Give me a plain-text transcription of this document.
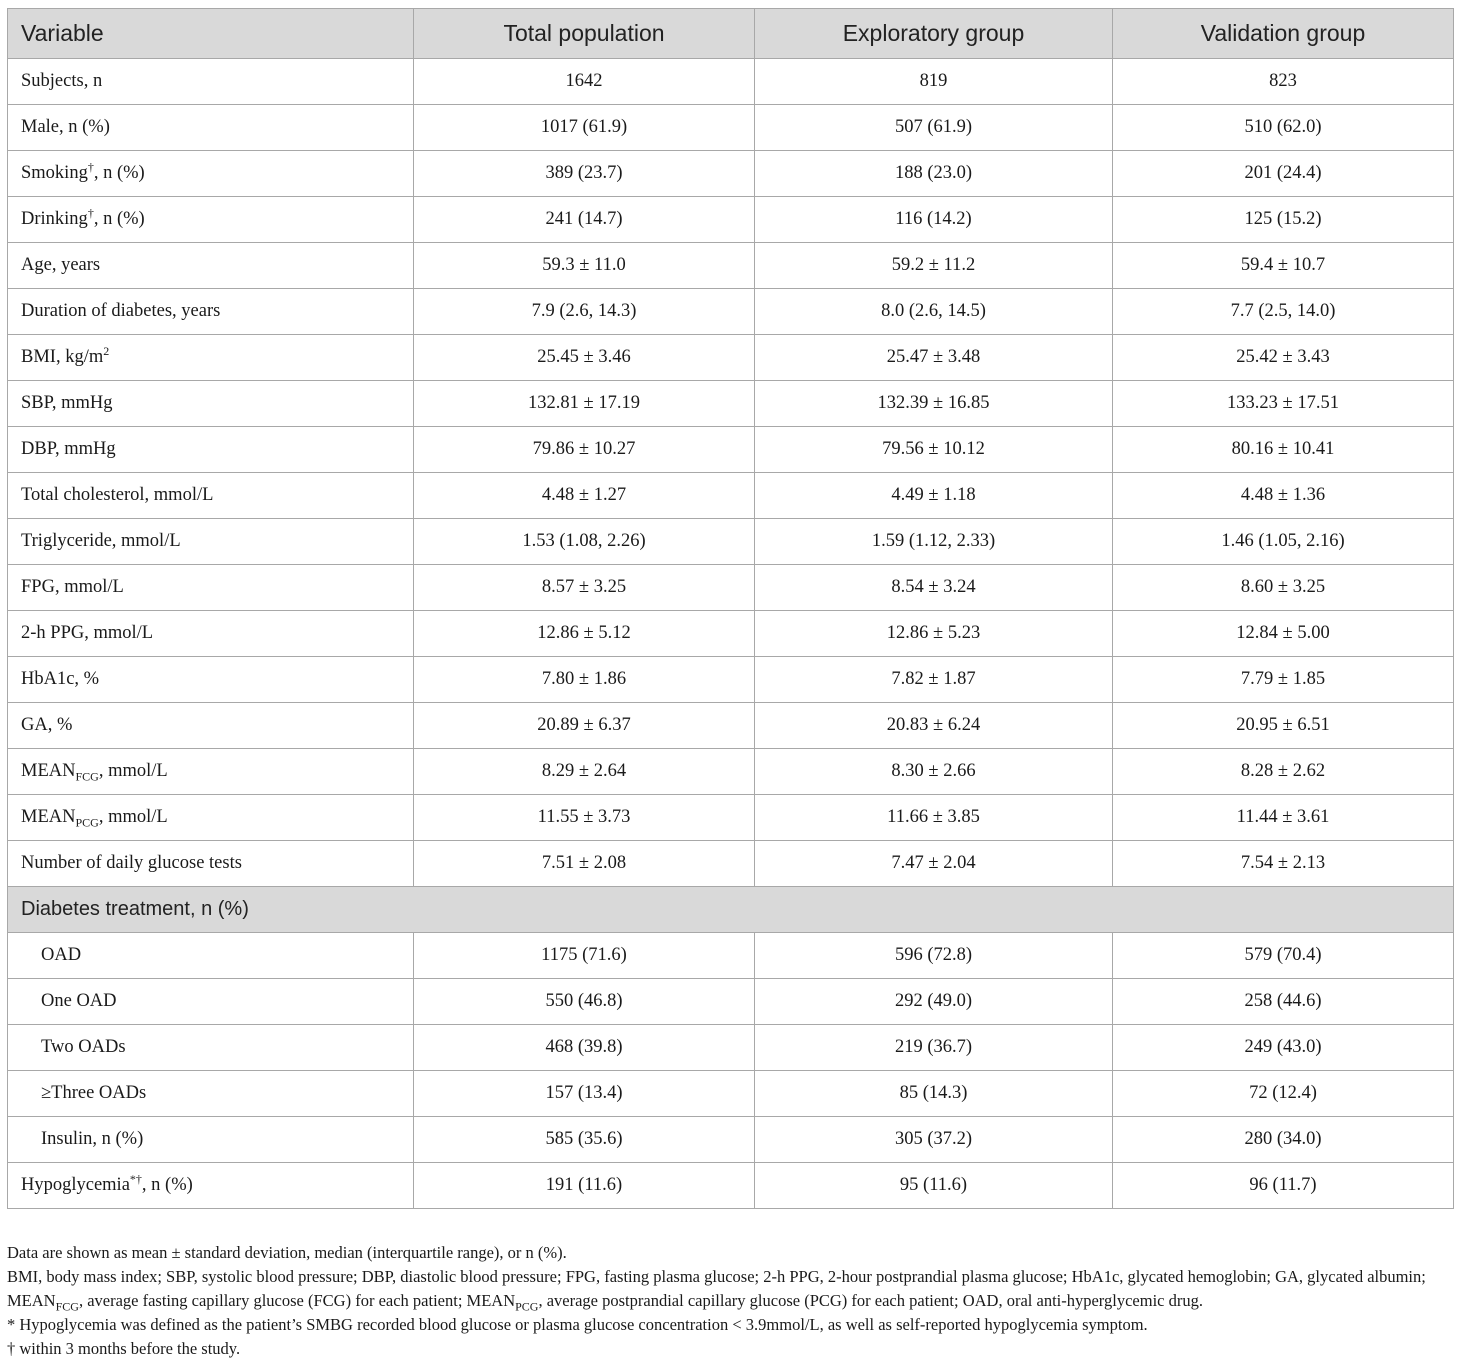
Variable	Total population	Exploratory group	Validation group
Subjects, n	1642	819	823
Male, n (%)	1017 (61.9)	507 (61.9)	510 (62.0)
Smoking†, n (%)	389 (23.7)	188 (23.0)	201 (24.4)
Drinking†, n (%)	241 (14.7)	116 (14.2)	125 (15.2)
Age, years	59.3 ± 11.0	59.2 ± 11.2	59.4 ± 10.7
Duration of diabetes, years	7.9 (2.6, 14.3)	8.0 (2.6, 14.5)	7.7 (2.5, 14.0)
BMI, $kg/m^2$	25.45 ± 3.46	25.47 ± 3.48	25.42 ± 3.43
SBP, mmHg	132.81 ± 17.19	132.39 ± 16.85	133.23 ± 17.51
DBP, mmHg	79.86 ± 10.27	79.56 ± 10.12	80.16 ± 10.41
Total cholesterol, mmol/L	4.48 ± 1.27	4.49 ± 1.18	4.48 ± 1.36
Triglyceride, mmol/L	1.53 (1.08, 2.26)	1.59 (1.12, 2.33)	1.46 (1.05, 2.16)
FPG, mmol/L	8.57 ± 3.25	8.54 ± 3.24	8.60 ± 3.25
2-h PPG, mmol/L	12.86 ± 5.12	12.86 ± 5.23	12.84 ± 5.00
HbA1c, %	7.80 ± 1.86	7.82 ± 1.87	7.79 ± 1.85
GA, %	20.89 ± 6.37	20.83 ± 6.24	20.95 ± 6.51
$MEAN_{FCG}$, mmol/L	8.29 ± 2.64	8.30 ± 2.66	8.28 ± 2.62
$MEAN_{PCG}$, mmol/L	11.55 ± 3.73	11.66 ± 3.85	11.44 ± 3.61
Number of daily glucose tests	7.51 ± 2.08	7.47 ± 2.04	7.54 ± 2.13
Diabetes treatment, n (%)			
OAD	1175 (71.6)	596 (72.8)	579 (70.4)
One OAD	550 (46.8)	292 (49.0)	258 (44.6)
Two OADs	468 (39.8)	219 (36.7)	249 (43.0)
≥Three OADs	157 (13.4)	85 (14.3)	72 (12.4)
Insulin, n (%)	585 (35.6)	305 (37.2)	280 (34.0)
Hypoglycemia*†, n (%)	191 (11.6)	95 (11.6)	96 (11.7)

Data are shown as mean ± standard deviation, median (interquartile range), or n (%).

BMI, body mass index; SBP, systolic blood pressure; DBP, diastolic blood pressure; FPG, fasting plasma glucose; 2-h PPG, 2-hour postprandial plasma glucose; HbA1c, glycated hemoglobin; GA, glycated albumin; $MEAN_{FCG}$, average fasting capillary glucose (FCG) for each patient; $MEAN_{PCG}$, average postprandial capillary glucose (PCG) for each patient; OAD, oral anti-hyperglycemic drug.

* Hypoglycemia was defined as the patient’s SMBG recorded blood glucose or plasma glucose concentration < 3.9mmol/L, as well as self-reported hypoglycemia symptom.

† within 3 months before the study.
